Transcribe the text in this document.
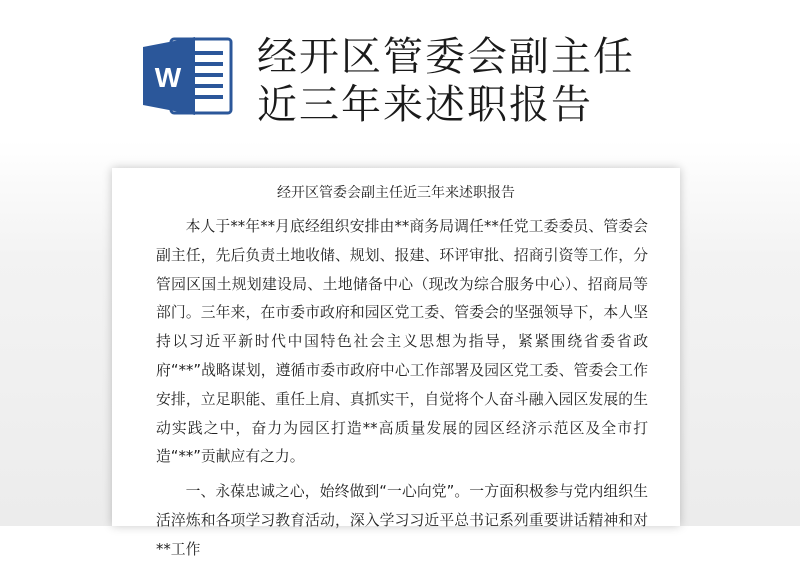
W 经开区管委会副主任
近三年来述职报告
经开区管委会副主任近三年来述职报告

本人于**年**月底经组织安排由**商务局调任**任党工委委员、管委会副主任，先后负责土地收储、规划、报建、环评审批、招商引资等工作，分管园区国土规划建设局、土地储备中心（现改为综合服务中心）、招商局等部门。三年来，在市委市政府和园区党工委、管委会的坚强领导下，本人坚持以习近平新时代中国特色社会主义思想为指导，紧紧围绕省委省政府“**”战略谋划，遵循市委市政府中心工作部署及园区党工委、管委会工作安排，立足职能、重任上肩、真抓实干，自觉将个人奋斗融入园区发展的生动实践之中，奋力为园区打造**高质量发展的园区经济示范区及全市打造“**”贡献应有之力。

一、永葆忠诚之心，始终做到“一心向党”。一方面积极参与党内组织生活淬炼和各项学习教育活动，深入学习习近平总书记系列重要讲话精神和对**工作
